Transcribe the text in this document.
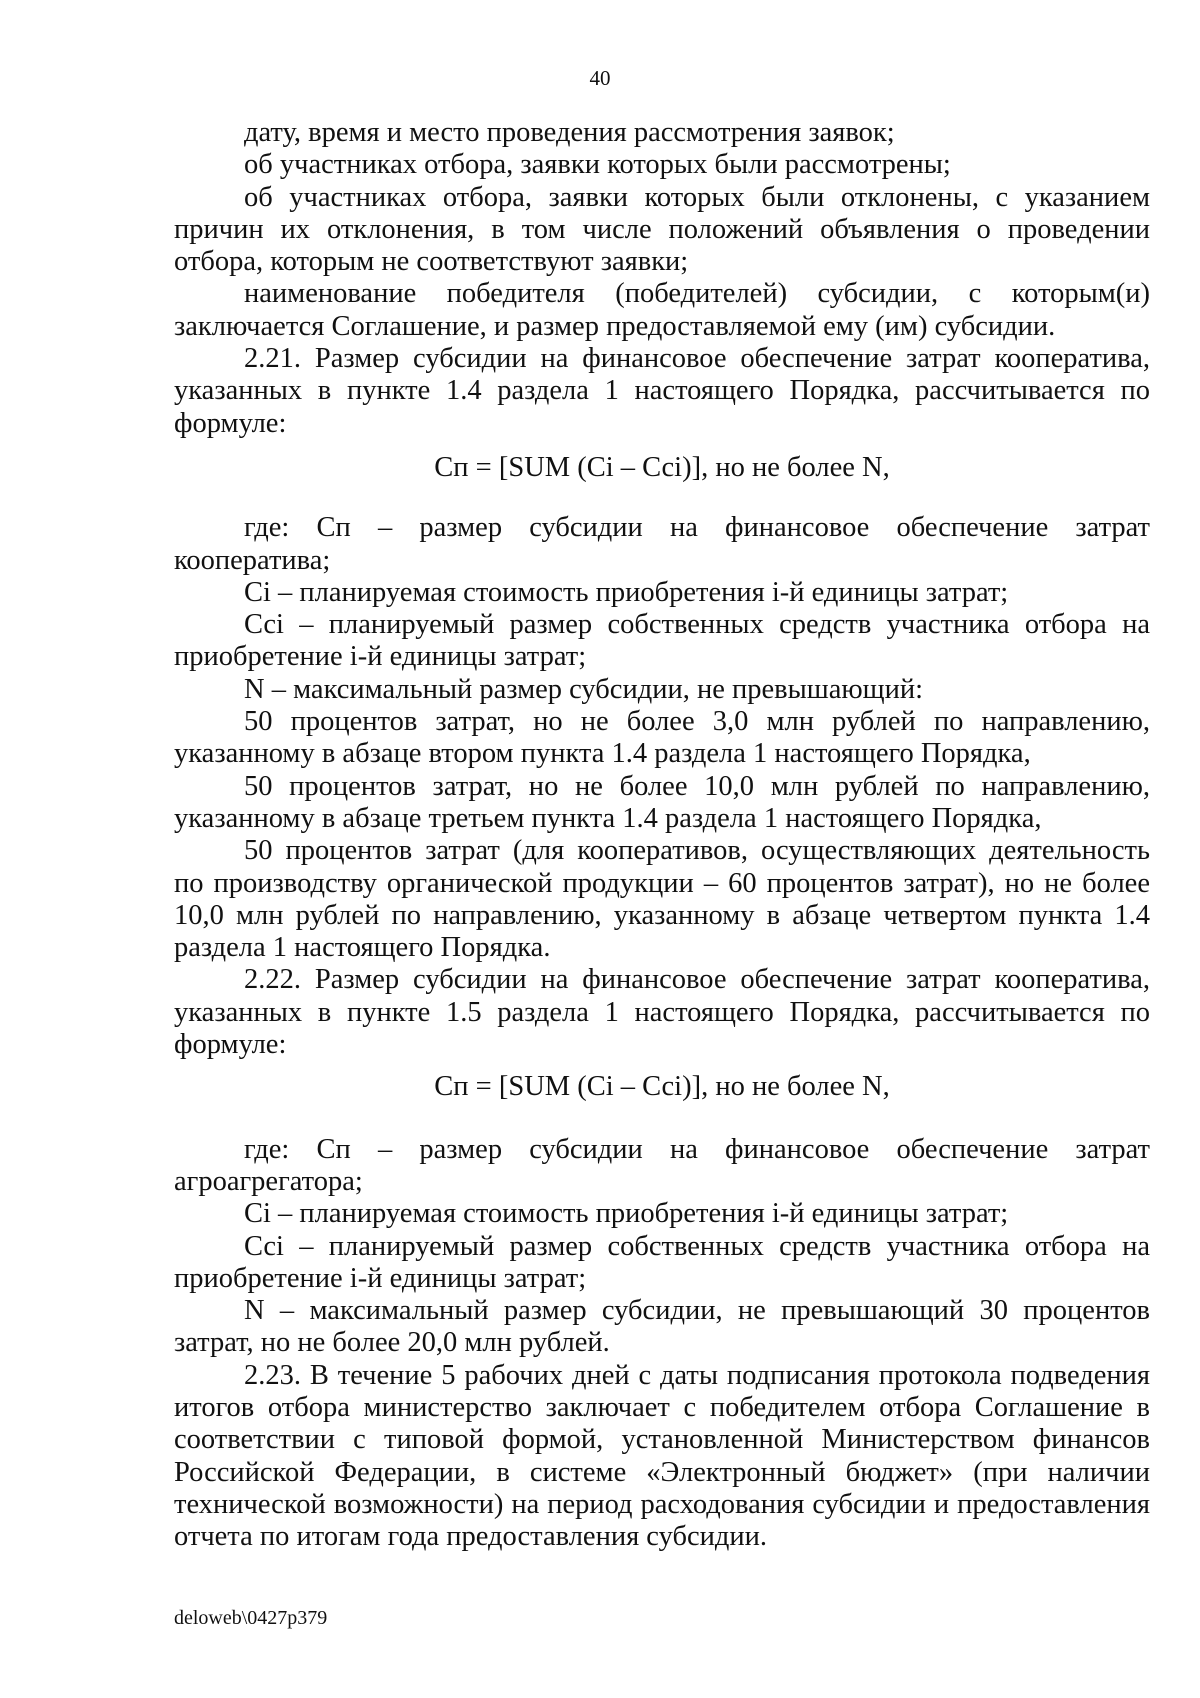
40

дату, время и место проведения рассмотрения заявок;

об участниках отбора, заявки которых были рассмотрены;

об участниках отбора, заявки которых были отклонены, с указанием причин их отклонения, в том числе положений объявления о проведении отбора, которым не соответствуют заявки;

наименование победителя (победителей) субсидии, с которым(и) заключается Соглашение, и размер предоставляемой ему (им) субсидии.

2.21. Размер субсидии на финансовое обеспечение затрат кооператива, указанных в пункте 1.4 раздела 1 настоящего Порядка, рассчитывается по формуле:

Сп = [SUM (Сi – Ссi)], но не более N,

где: Сп – размер субсидии на финансовое обеспечение затрат кооператива;

Сi – планируемая стоимость приобретения i-й единицы затрат;

Ссi – планируемый размер собственных средств участника отбора на приобретение i-й единицы затрат;

N – максимальный размер субсидии, не превышающий:

50 процентов затрат, но не более 3,0 млн рублей по направлению, указанному в абзаце втором пункта 1.4 раздела 1 настоящего Порядка,

50 процентов затрат, но не более 10,0 млн рублей по направлению, указанному в абзаце третьем пункта 1.4 раздела 1 настоящего Порядка,

50 процентов затрат (для кооперативов, осуществляющих деятельность по производству органической продукции – 60 процентов затрат), но не более 10,0 млн рублей по направлению, указанному в абзаце четвертом пункта 1.4 раздела 1 настоящего Порядка.

2.22. Размер субсидии на финансовое обеспечение затрат кооператива, указанных в пункте 1.5 раздела 1 настоящего Порядка, рассчитывается по формуле:

Сп = [SUM (Сi – Ссi)], но не более N,

где: Сп – размер субсидии на финансовое обеспечение затрат агроагрегатора;

Сi – планируемая стоимость приобретения i-й единицы затрат;

Ссi – планируемый размер собственных средств участника отбора на приобретение i-й единицы затрат;

N – максимальный размер субсидии, не превышающий 30 процентов затрат, но не более 20,0 млн рублей.

2.23. В течение 5 рабочих дней с даты подписания протокола подведения итогов отбора министерство заключает с победителем отбора Соглашение в соответствии с типовой формой, установленной Министерством финансов Российской Федерации, в системе «Электронный бюджет» (при наличии технической возможности) на период расходования субсидии и предоставления отчета по итогам года предоставления субсидии.

deloweb\0427p379
